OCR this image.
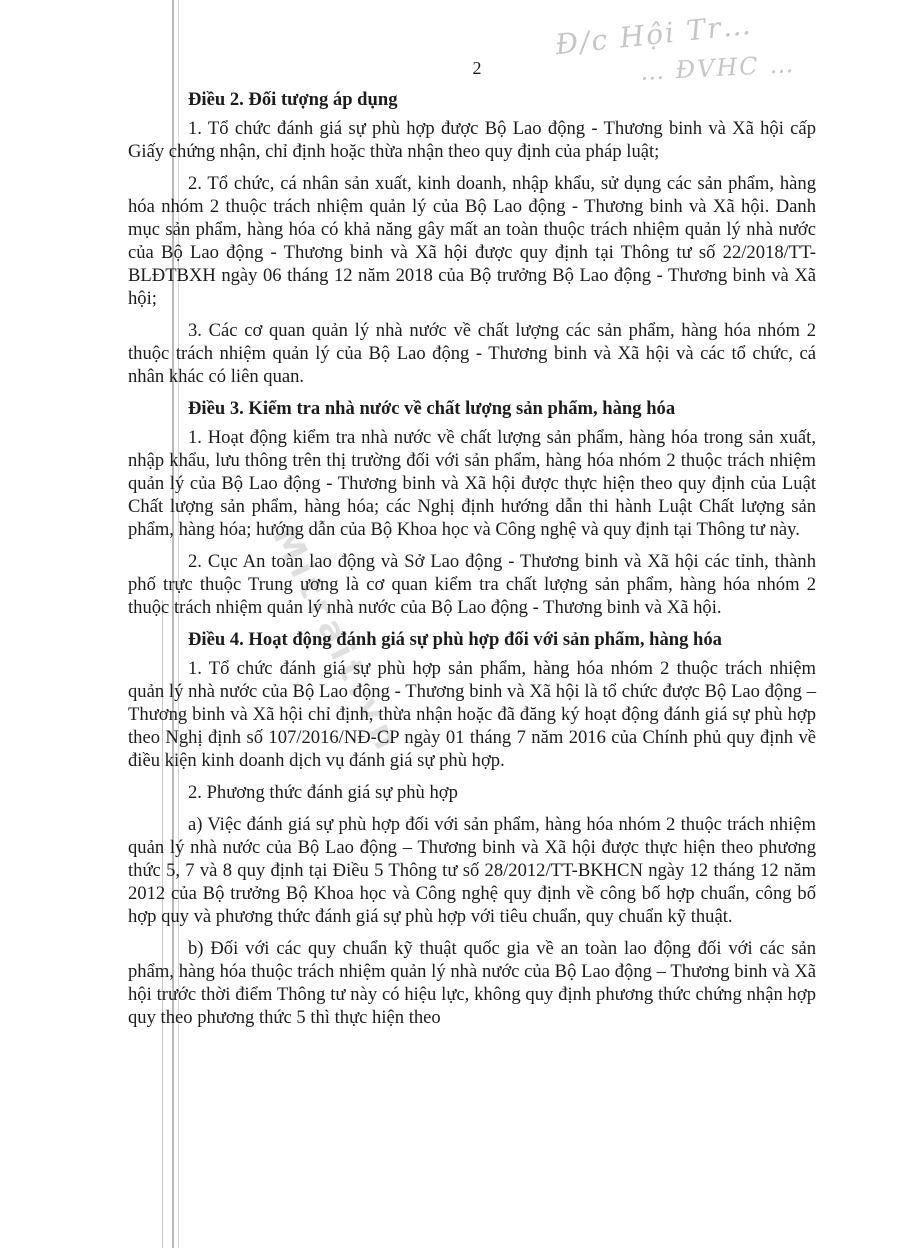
Đ/c Hội Tr…
… ĐVHC …
2
Mitrait.vn

Điều 2. Đối tượng áp dụng

1. Tổ chức đánh giá sự phù hợp được Bộ Lao động - Thương binh và Xã hội cấp Giấy chứng nhận, chỉ định hoặc thừa nhận theo quy định của pháp luật;

2. Tổ chức, cá nhân sản xuất, kinh doanh, nhập khẩu, sử dụng các sản phẩm, hàng hóa nhóm 2 thuộc trách nhiệm quản lý của Bộ Lao động - Thương binh và Xã hội. Danh mục sản phẩm, hàng hóa có khả năng gây mất an toàn thuộc trách nhiệm quản lý nhà nước của Bộ Lao động - Thương binh và Xã hội được quy định tại Thông tư số 22/2018/TT-BLĐTBXH ngày 06 tháng 12 năm 2018 của Bộ trưởng Bộ Lao động - Thương binh và Xã hội;

3. Các cơ quan quản lý nhà nước về chất lượng các sản phẩm, hàng hóa nhóm 2 thuộc trách nhiệm quản lý của Bộ Lao động - Thương binh và Xã hội và các tổ chức, cá nhân khác có liên quan.

Điều 3. Kiểm tra nhà nước về chất lượng sản phẩm, hàng hóa

1. Hoạt động kiểm tra nhà nước về chất lượng sản phẩm, hàng hóa trong sản xuất, nhập khẩu, lưu thông trên thị trường đối với sản phẩm, hàng hóa nhóm 2 thuộc trách nhiệm quản lý của Bộ Lao động - Thương binh và Xã hội được thực hiện theo quy định của Luật Chất lượng sản phẩm, hàng hóa; các Nghị định hướng dẫn thi hành Luật Chất lượng sản phẩm, hàng hóa; hướng dẫn của Bộ Khoa học và Công nghệ và quy định tại Thông tư này.

2. Cục An toàn lao động và Sở Lao động - Thương binh và Xã hội các tỉnh, thành phố trực thuộc Trung ương là cơ quan kiểm tra chất lượng sản phẩm, hàng hóa nhóm 2 thuộc trách nhiệm quản lý nhà nước của Bộ Lao động - Thương binh và Xã hội.

Điều 4. Hoạt động đánh giá sự phù hợp đối với sản phẩm, hàng hóa

1. Tổ chức đánh giá sự phù hợp sản phẩm, hàng hóa nhóm 2 thuộc trách nhiệm quản lý nhà nước của Bộ Lao động - Thương binh và Xã hội là tổ chức được Bộ Lao động – Thương binh và Xã hội chỉ định, thừa nhận hoặc đã đăng ký hoạt động đánh giá sự phù hợp theo Nghị định số 107/2016/NĐ-CP ngày 01 tháng 7 năm 2016 của Chính phủ quy định về điều kiện kinh doanh dịch vụ đánh giá sự phù hợp.

2. Phương thức đánh giá sự phù hợp

a) Việc đánh giá sự phù hợp đối với sản phẩm, hàng hóa nhóm 2 thuộc trách nhiệm quản lý nhà nước của Bộ Lao động – Thương binh và Xã hội được thực hiện theo phương thức 5, 7 và 8 quy định tại Điều 5 Thông tư số 28/2012/TT-BKHCN ngày 12 tháng 12 năm 2012 của Bộ trưởng Bộ Khoa học và Công nghệ quy định về công bố hợp chuẩn, công bố hợp quy và phương thức đánh giá sự phù hợp với tiêu chuẩn, quy chuẩn kỹ thuật.

b) Đối với các quy chuẩn kỹ thuật quốc gia về an toàn lao động đối với các sản phẩm, hàng hóa thuộc trách nhiệm quản lý nhà nước của Bộ Lao động – Thương binh và Xã hội trước thời điểm Thông tư này có hiệu lực, không quy định phương thức chứng nhận hợp quy theo phương thức 5 thì thực hiện theo
